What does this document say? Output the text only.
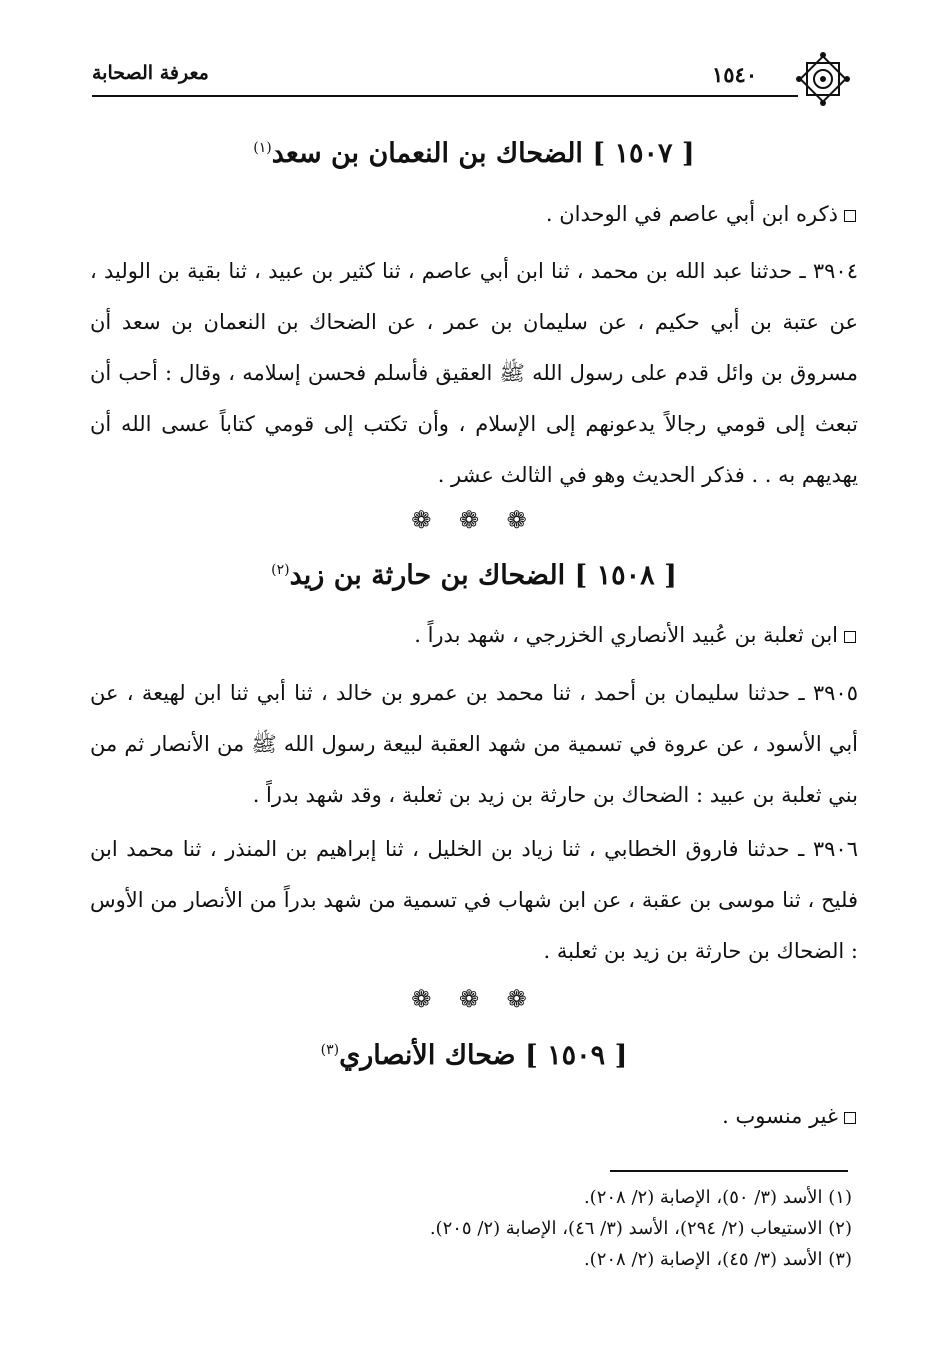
معرفة الصحابة	١٥٤٠
[ ١٥٠٧ ] الضحاك بن النعمان بن سعد$^{(١)}$
ذكره ابن أبي عاصم في الوحدان .

٣٩٠٤ ـ حدثنا عبد الله بن محمد ، ثنا ابن أبي عاصم ، ثنا كثير بن عبيد ، ثنا بقية بن الوليد ، عن عتبة بن أبي حكيم ، عن سليمان بن عمر ، عن الضحاك بن النعمان بن سعد أن مسروق بن وائل قدم على رسول الله ﷺ العقيق فأسلم فحسن إسلامه ، وقال : أحب أن تبعث إلى قومي رجالاً يدعونهم إلى الإسلام ، وأن تكتب إلى قومي كتاباً عسى الله أن يهديهم به . . فذكر الحديث وهو في الثالث عشر .

❁ ❁ ❁
[ ١٥٠٨ ] الضحاك بن حارثة بن زيد$^{(٢)}$
ابن ثعلبة بن عُبيد الأنصاري الخزرجي ، شهد بدراً .

٣٩٠٥ ـ حدثنا سليمان بن أحمد ، ثنا محمد بن عمرو بن خالد ، ثنا أبي ثنا ابن لهيعة ، عن أبي الأسود ، عن عروة في تسمية من شهد العقبة لبيعة رسول الله ﷺ من الأنصار ثم من بني ثعلبة بن عبيد : الضحاك بن حارثة بن زيد بن ثعلبة ، وقد شهد بدراً .

٣٩٠٦ ـ حدثنا فاروق الخطابي ، ثنا زياد بن الخليل ، ثنا إبراهيم بن المنذر ، ثنا محمد ابن فليح ، ثنا موسى بن عقبة ، عن ابن شهاب في تسمية من شهد بدراً من الأنصار من الأوس : الضحاك بن حارثة بن زيد بن ثعلبة .

❁ ❁ ❁
[ ١٥٠٩ ] ضحاك الأنصاري$^{(٣)}$
غير منسوب .
(١) الأسد (٣/ ٥٠)، الإصابة (٢/ ٢٠٨).
(٢) الاستيعاب (٢/ ٢٩٤)، الأسد (٣/ ٤٦)، الإصابة (٢/ ٢٠٥).
(٣) الأسد (٣/ ٤٥)، الإصابة (٢/ ٢٠٨).
